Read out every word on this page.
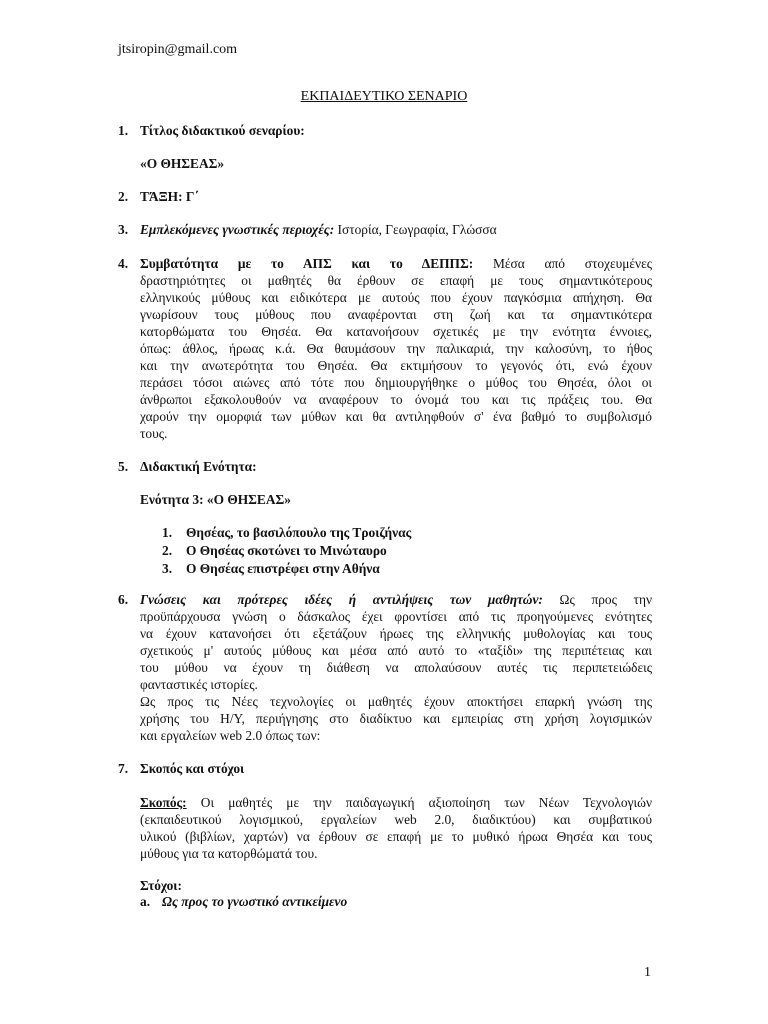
jtsiropin@gmail.com
ΕΚΠΑΙΔΕΥΤΙΚΟ ΣΕΝΑΡΙΟ
1. Τίτλος διδακτικού σεναρίου:
«Ο ΘΗΣΕΑΣ»
2. ΤΆΞΗ: Γ΄
3. Εμπλεκόμενες γνωστικές περιοχές: Ιστορία, Γεωγραφία, Γλώσσα
4. Συμβατότητα με το ΑΠΣ και το ΔΕΠΠΣ: Μέσα από στοχευμένες
δραστηριότητες οι μαθητές θα έρθουν σε επαφή με τους σημαντικότερους
ελληνικούς μύθους και ειδικότερα με αυτούς που έχουν παγκόσμια απήχηση. Θα
γνωρίσουν τους μύθους που αναφέρονται στη ζωή και τα σημαντικότερα
κατορθώματα του Θησέα. Θα κατανοήσουν σχετικές με την ενότητα έννοιες,
όπως: άθλος, ήρωας κ.ά. Θα θαυμάσουν την παλικαριά, την καλοσύνη, το ήθος
και την ανωτερότητα του Θησέα. Θα εκτιμήσουν το γεγονός ότι, ενώ έχουν
περάσει τόσοι αιώνες από τότε που δημιουργήθηκε ο μύθος του Θησέα, όλοι οι
άνθρωποι εξακολουθούν να αναφέρουν το όνομά του και τις πράξεις του. Θα
χαρούν την ομορφιά των μύθων και θα αντιληφθούν σ' ένα βαθμό το συμβολισμό
τους.
5. Διδακτική Ενότητα:
Ενότητα 3: «Ο ΘΗΣΕΑΣ»
1. Θησέας, το βασιλόπουλο της Τροιζήνας
2. Ο Θησέας σκοτώνει το Μινώταυρο
3. Ο Θησέας επιστρέφει στην Αθήνα
6. Γνώσεις και πρότερες ιδέες ή αντιλήψεις των μαθητών: Ως προς την
προϋπάρχουσα γνώση ο δάσκαλος έχει φροντίσει από τις προηγούμενες ενότητες
να έχουν κατανοήσει ότι εξετάζουν ήρωες της ελληνικής μυθολογίας και τους
σχετικούς μ' αυτούς μύθους και μέσα από αυτό το «ταξίδι» της περιπέτειας και
του μύθου να έχουν τη διάθεση να απολαύσουν αυτές τις περιπετειώδεις
φανταστικές ιστορίες.
Ως προς τις Νέες τεχνολογίες οι μαθητές έχουν αποκτήσει επαρκή γνώση της
χρήσης του Η/Υ, περιήγησης στο διαδίκτυο και εμπειρίας στη χρήση λογισμικών
και εργαλείων web 2.0 όπως των:
7. Σκοπός και στόχοι
Σκοπός: Οι μαθητές με την παιδαγωγική αξιοποίηση των Νέων Τεχνολογιών
(εκπαιδευτικού λογισμικού, εργαλείων web 2.0, διαδικτύου) και συμβατικού
υλικού (βιβλίων, χαρτών) να έρθουν σε επαφή με το μυθικό ήρωα Θησέα και τους
μύθους για τα κατορθώματά του.
Στόχοι:
a. Ως προς το γνωστικό αντικείμενο
1
